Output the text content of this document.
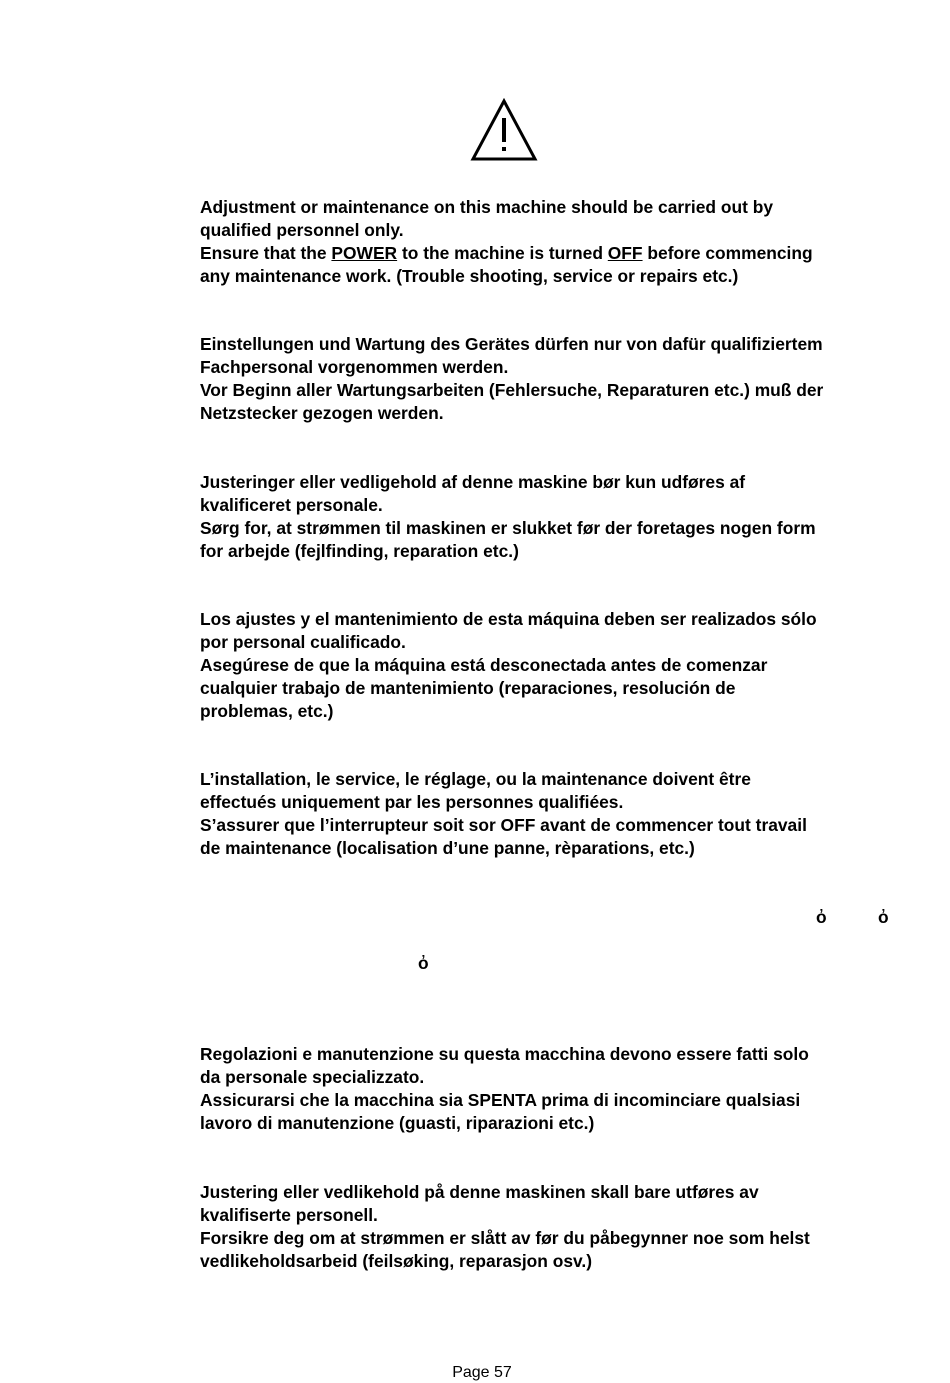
Adjustment or maintenance on this machine should be carried out by

qualified personnel only.

Ensure that the POWER to the machine is turned OFF before commencing

any maintenance work. (Trouble shooting, service or repairs etc.)

Einstellungen und Wartung des Gerätes dürfen nur von dafür qualifiziertem

Fachpersonal vorgenommen werden.

Vor Beginn aller Wartungsarbeiten (Fehlersuche, Reparaturen etc.) muß der

Netzstecker gezogen werden.

Justeringer eller vedligehold af denne maskine bør kun udføres af

kvalificeret personale.

Sørg for, at strømmen til maskinen er slukket før der foretages nogen form

for arbejde (fejlfinding, reparation etc.)

Los ajustes y el mantenimiento de esta máquina deben ser realizados sólo

por personal cualificado.

Asegúrese de que la máquina está desconectada antes de comenzar

cualquier trabajo de mantenimiento (reparaciones, resolución de

problemas, etc.)

L’installation, le service, le réglage, ou la maintenance doivent être

effectués uniquement par les personnes qualifiées.

S’assurer que l’interrupteur soit sor OFF avant de commencer tout travail

de maintenance (localisation d’une panne, rèparations, etc.)

ὀ	ὀ
ὀ

Regolazioni e manutenzione su questa macchina devono essere fatti solo

da personale specializzato.

Assicurarsi che la macchina sia SPENTA prima di incominciare qualsiasi

lavoro di manutenzione (guasti, riparazioni etc.)

Justering eller vedlikehold på denne maskinen skall bare utføres av

kvalifiserte personell.

Forsikre deg om at strømmen er slått av før du påbegynner noe som helst

vedlikeholdsarbeid (feilsøking, reparasjon osv.)

Page 57
